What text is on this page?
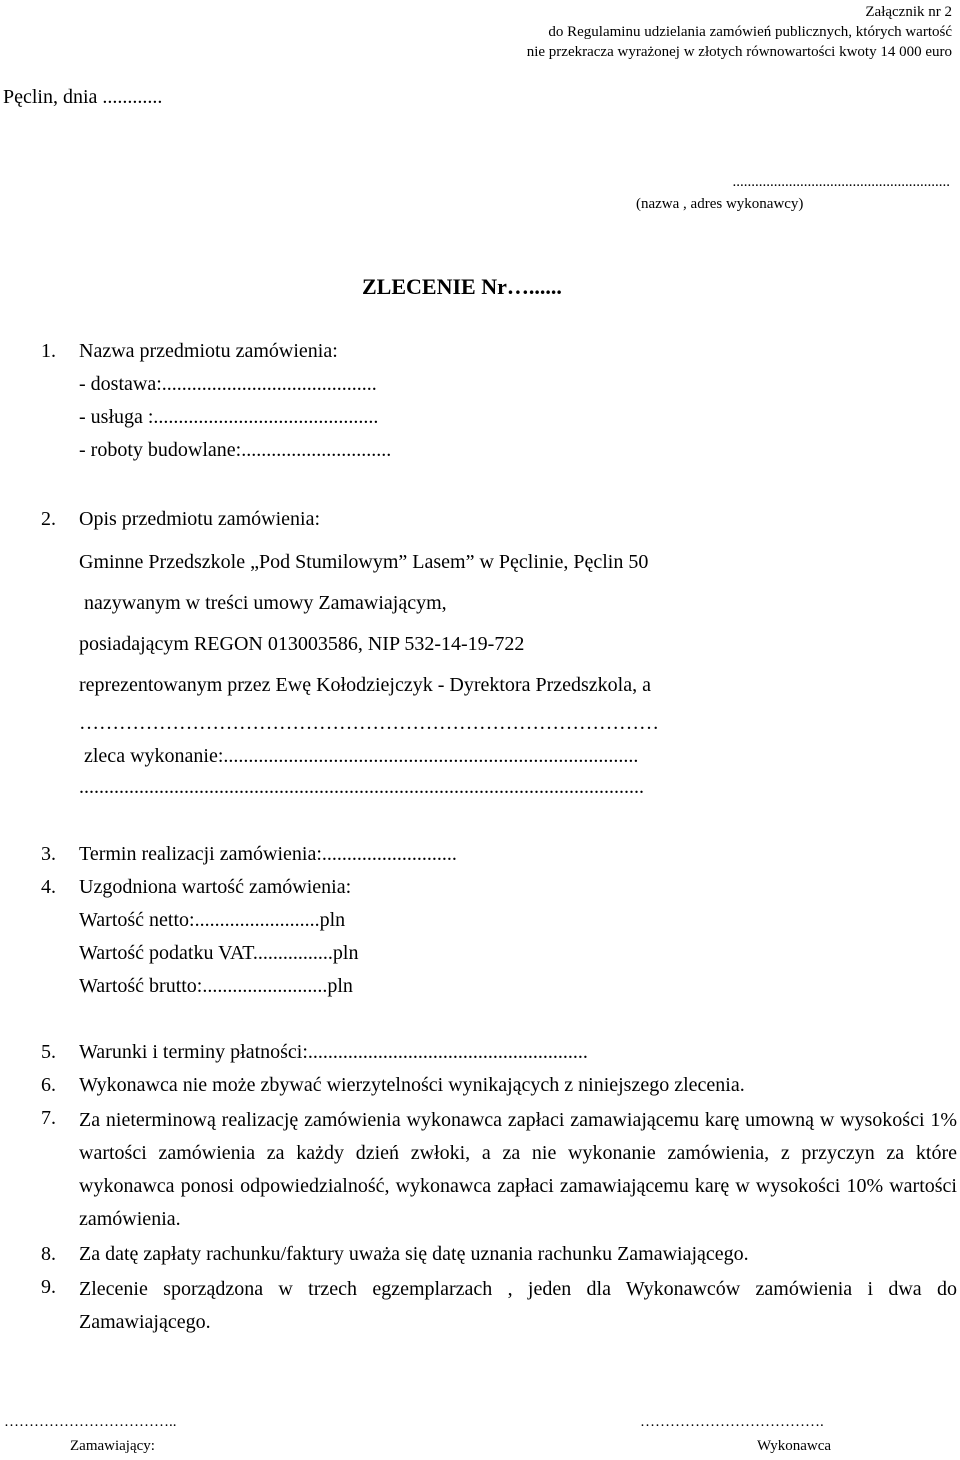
Załącznik nr 2
do Regulaminu udzielania zamówień publicznych, których wartość
nie przekracza wyrażonej w złotych równowartości kwoty 14 000 euro
Pęclin, dnia ............
..........................................................
(nazwa , adres wykonawcy)
ZLECENIE Nr…......
1. Nazwa przedmiotu zamówienia:
- dostawa:...........................................
- usługa :.............................................
- roboty budowlane:..............................
2. Opis przedmiotu zamówienia:
Gminne Przedszkole „Pod Stumilowym” Lasem” w Pęclinie, Pęclin 50
nazywanym w treści umowy Zamawiającym,
posiadającym REGON 013003586, NIP 532-14-19-722
reprezentowanym przez Ewę Kołodziejczyk - Dyrektora Przedszkola, a
……………………………………………………………………………
zleca wykonanie:...................................................................................
.................................................................................................................
3. Termin realizacji zamówienia:...........................
4. Uzgodniona wartość zamówienia:
Wartość netto:.........................pln
Wartość podatku VAT................pln
Wartość brutto:.........................pln
5. Warunki i terminy płatności:........................................................
6. Wykonawca nie może zbywać wierzytelności wynikających z niniejszego zlecenia.
7. Za nieterminową realizację zamówienia wykonawca zapłaci zamawiającemu karę umowną w wysokości 1% wartości zamówienia za każdy dzień zwłoki, a za nie wykonanie zamówienia, z przyczyn za które wykonawca ponosi odpowiedzialność, wykonawca zapłaci zamawiającemu karę w wysokości 10% wartości zamówienia.
8. Za datę zapłaty rachunku/faktury uważa się datę uznania rachunku Zamawiającego.
9. Zlecenie sporządzona w trzech egzemplarzach , jeden dla Wykonawców zamówienia i dwa do Zamawiającego.
……………………………..
Zamawiający:
……………………………….
Wykonawca
